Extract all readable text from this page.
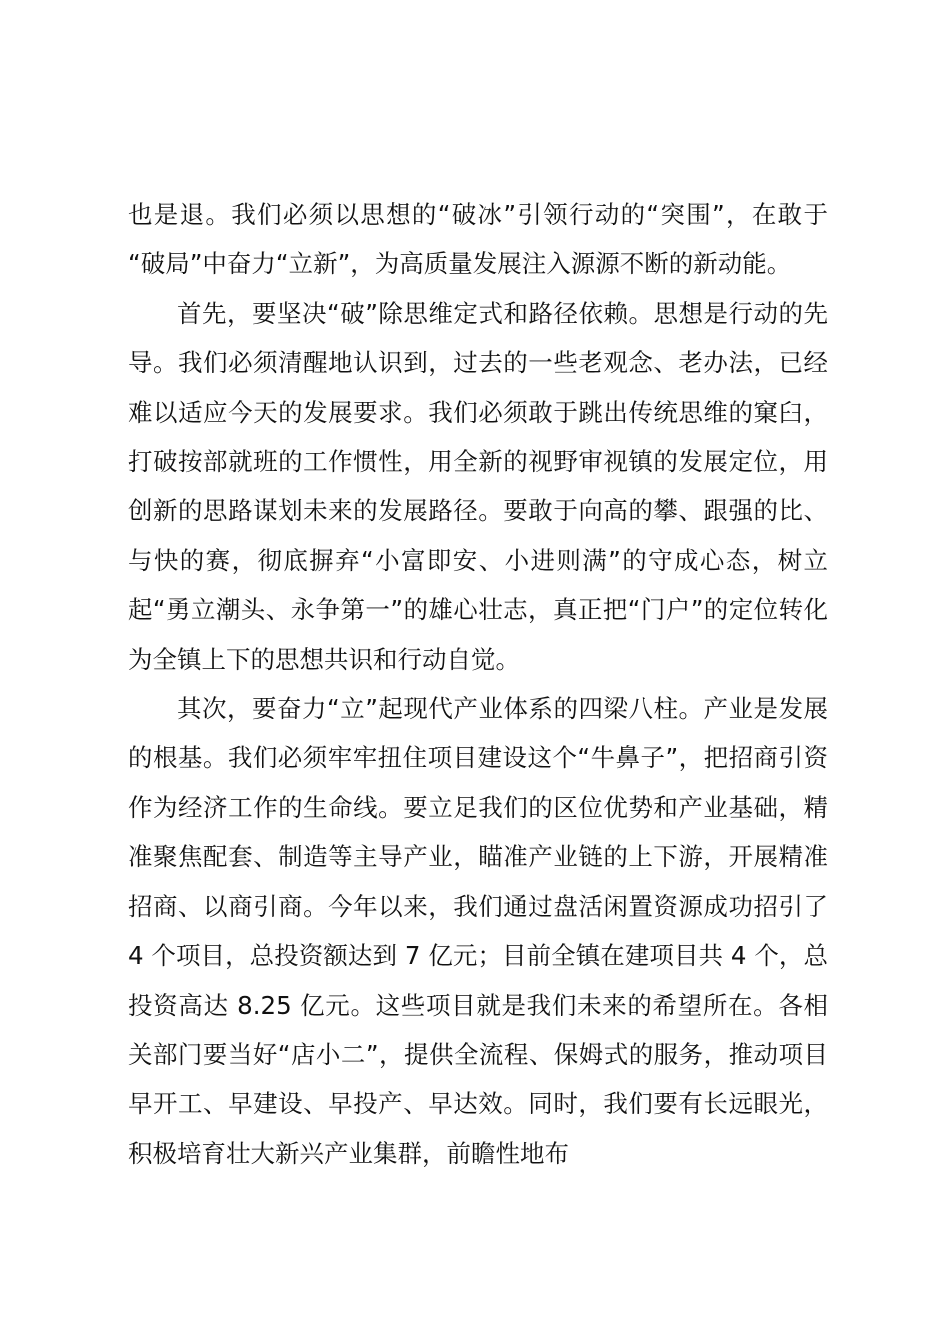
也是退。我们必须以思想的“破冰”引领行动的“突围”，在敢于
“破局”中奋力“立新”，为高质量发展注入源源不断的新动能。

首先，要坚决“破”除思维定式和路径依赖。思想是行动的先导。我们必须清醒地认识到，过去的一些老观念、老办法，已经难以适应今天的发展要求。我们必须敢于跳出传统思维的窠臼，打破按部就班的工作惯性，用全新的视野审视镇的发展定位，用创新的思路谋划未来的发展路径。要敢于向高的攀、跟强的比、与快的赛，彻底摒弃“小富即安、小进则满”的守成心态，树立起“勇立潮头、永争第一”的雄心壮志，真正把“门户”的定位转化为全镇上下的思想共识和行动自觉。

其次，要奋力“立”起现代产业体系的四梁八柱。产业是发展的根基。我们必须牢牢扭住项目建设这个“牛鼻子”，把招商引资作为经济工作的生命线。要立足我们的区位优势和产业基础，精准聚焦配套、制造等主导产业，瞄准产业链的上下游，开展精准招商、以商引商。今年以来，我们通过盘活闲置资源成功招引了 4 个项目，总投资额达到 7 亿元；目前全镇在建项目共 4 个，总投资高达 8.25 亿元。这些项目就是我们未来的希望所在。各相关部门要当好“店小二”，提供全流程、保姆式的服务，推动项目早开工、早建设、早投产、早达效。同时，我们要有长远眼光，积极培育壮大新兴产业集群，前瞻性地布
